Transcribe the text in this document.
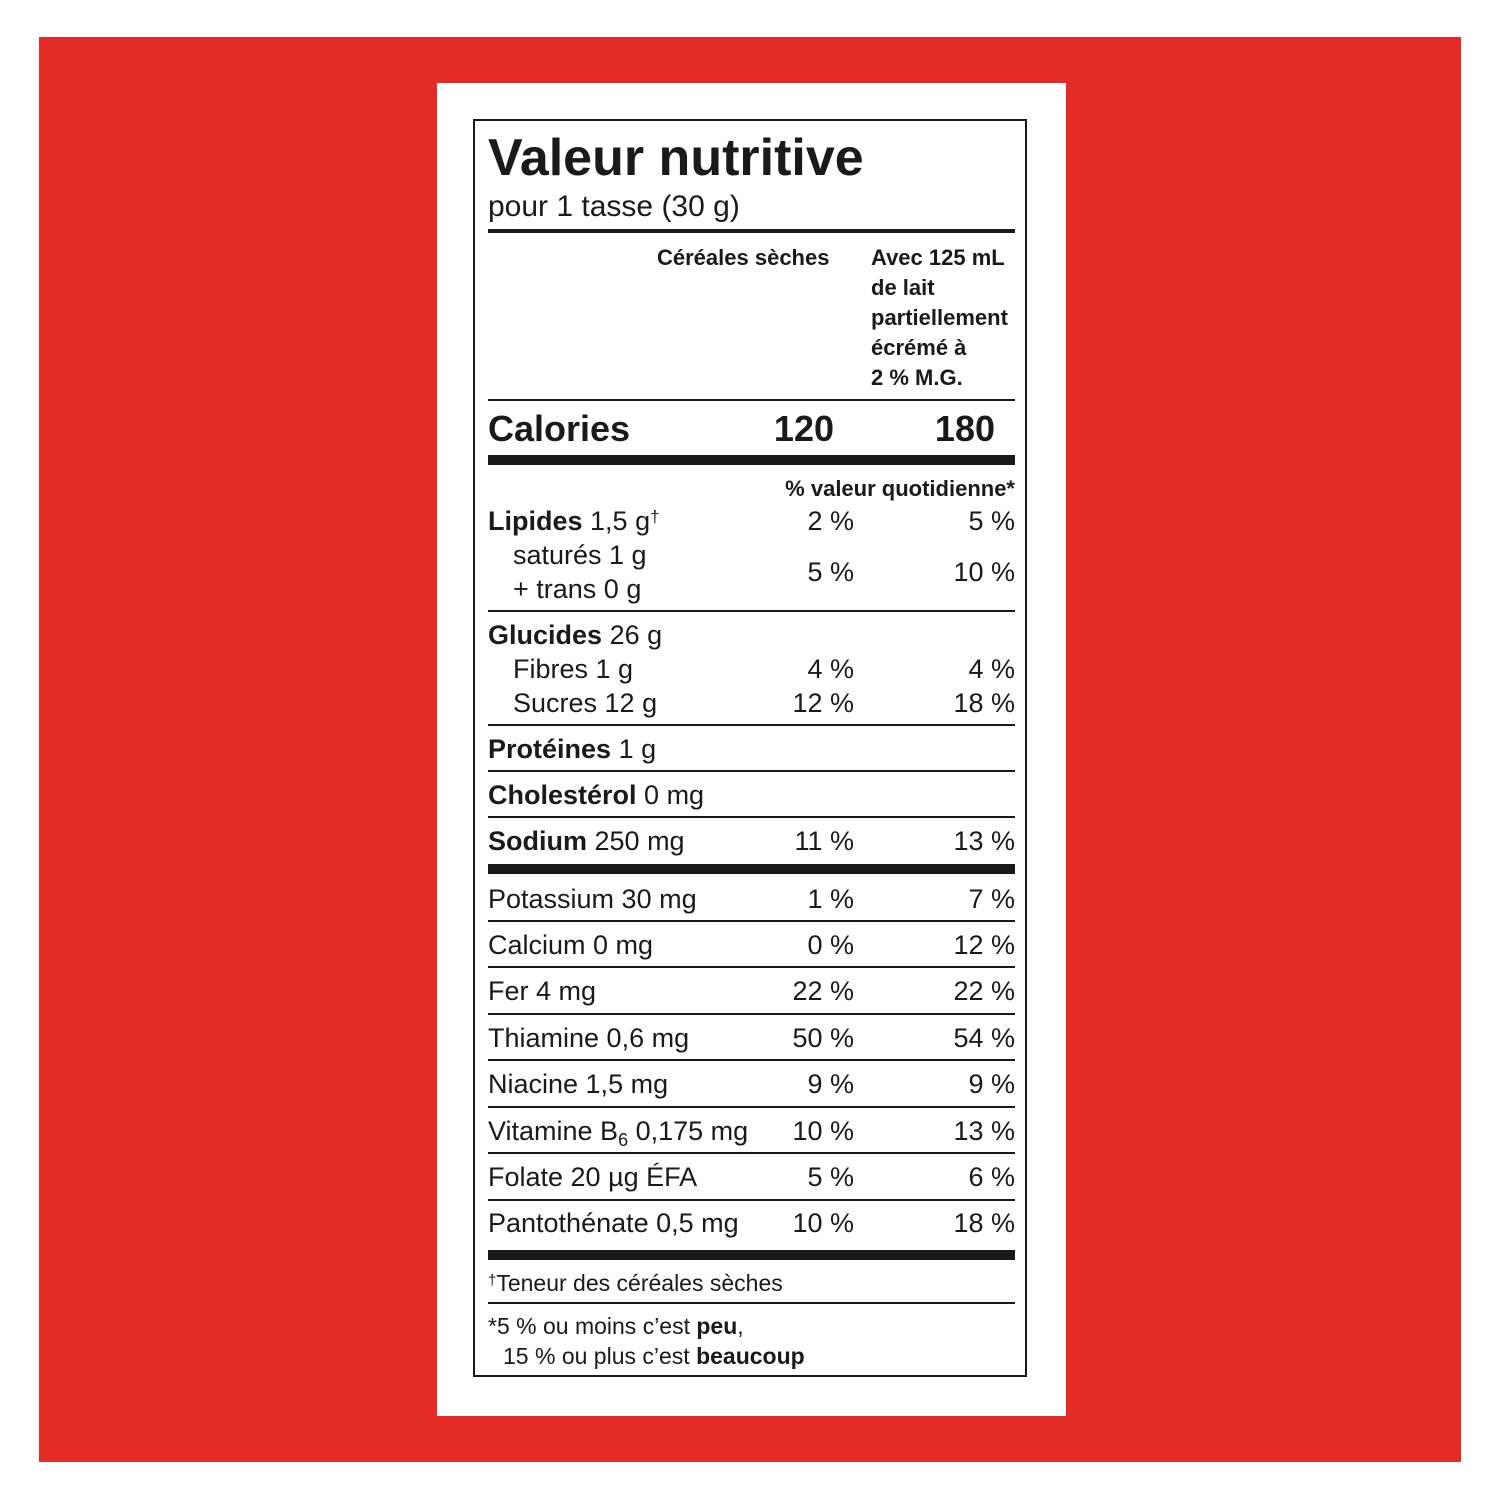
Valeur nutritive
pour 1 tasse (30 g)
Céréales sèches Avec 125 mL
de lait
partiellement
écrémé à
2 % M.G.
Calories	120	180
% valeur quotidienne*
Lipides 1,5 g†	2 %	5 %
saturés 1 g
+ trans 0 g
5 %	10 %
Glucides 26 g
Fibres 1 g	4 %	4 %
Sucres 12 g	12 %	18 %
Protéines 1 g
Cholestérol 0 mg
Sodium 250 mg	11 %	13 %
Potassium 30 mg	1 %	7 %
Calcium 0 mg	0 %	12 %
Fer 4 mg	22 %	22 %
Thiamine 0,6 mg	50 %	54 %
Niacine 1,5 mg	9 %	9 %
Vitamine $B_6$ 0,175 mg 10 %	13 %
Folate 20 µg ÉFA	5 %	6 %
Pantothénate 0,5 mg 10 %	18 %
†Teneur des céréales sèches
*5 % ou moins c’est peu,
15 % ou plus c’est beaucoup
